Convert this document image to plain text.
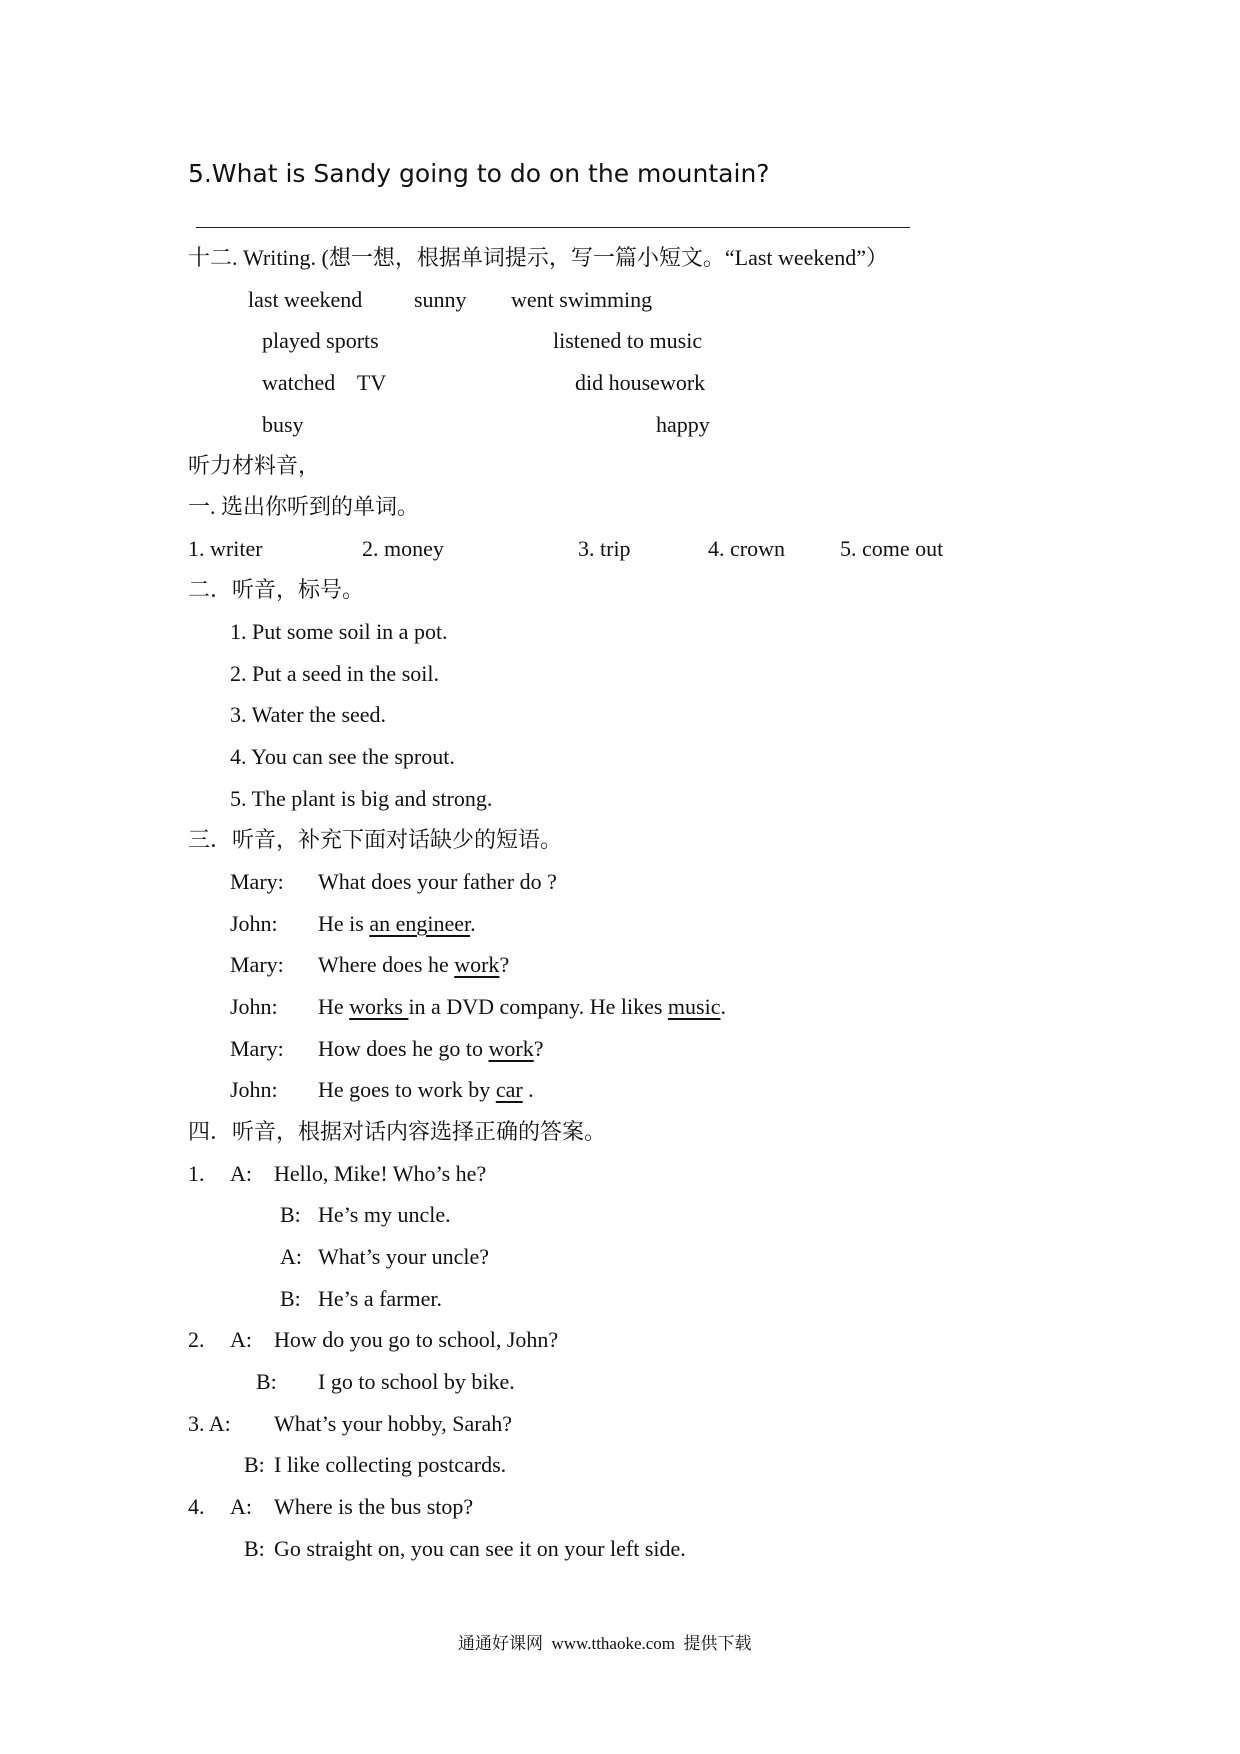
5.What is Sandy going to do on the mountain?
十二. Writing. (想一想，根据单词提示，写一篇小短文。“Last weekend”）
last weekend sunny went swimming
played sports	listened to music
watched    TV	did housework
busy	happy
听力材料音，
一. 选出你听到的单词。
1. writer	2. money	3. trip	4. crown	5. come out
二．听音，标号。
1. Put some soil in a pot.
2. Put a seed in the soil.
3. Water the seed.
4. You can see the sprout.
5. The plant is big and strong.
三．听音，补充下面对话缺少的短语。
Mary: What does your father do ?
John: He is an engineer.
Mary: Where does he work?
John: He works in a DVD company. He likes music.
Mary: How does he go to work?
John: He goes to work by car .
四．听音，根据对话内容选择正确的答案。
1. A: Hello, Mike! Who’s he?
B: He’s my uncle.
A: What’s your uncle?
B: He’s a farmer.
2. A: How do you go to school, John?
B: I go to school by bike.
3. A: What’s your hobby, Sarah?
B: I like collecting postcards.
4. A: Where is the bus stop?
B: Go straight on, you can see it on your left side.
通通好课网  www.tthaoke.com  提供下载
